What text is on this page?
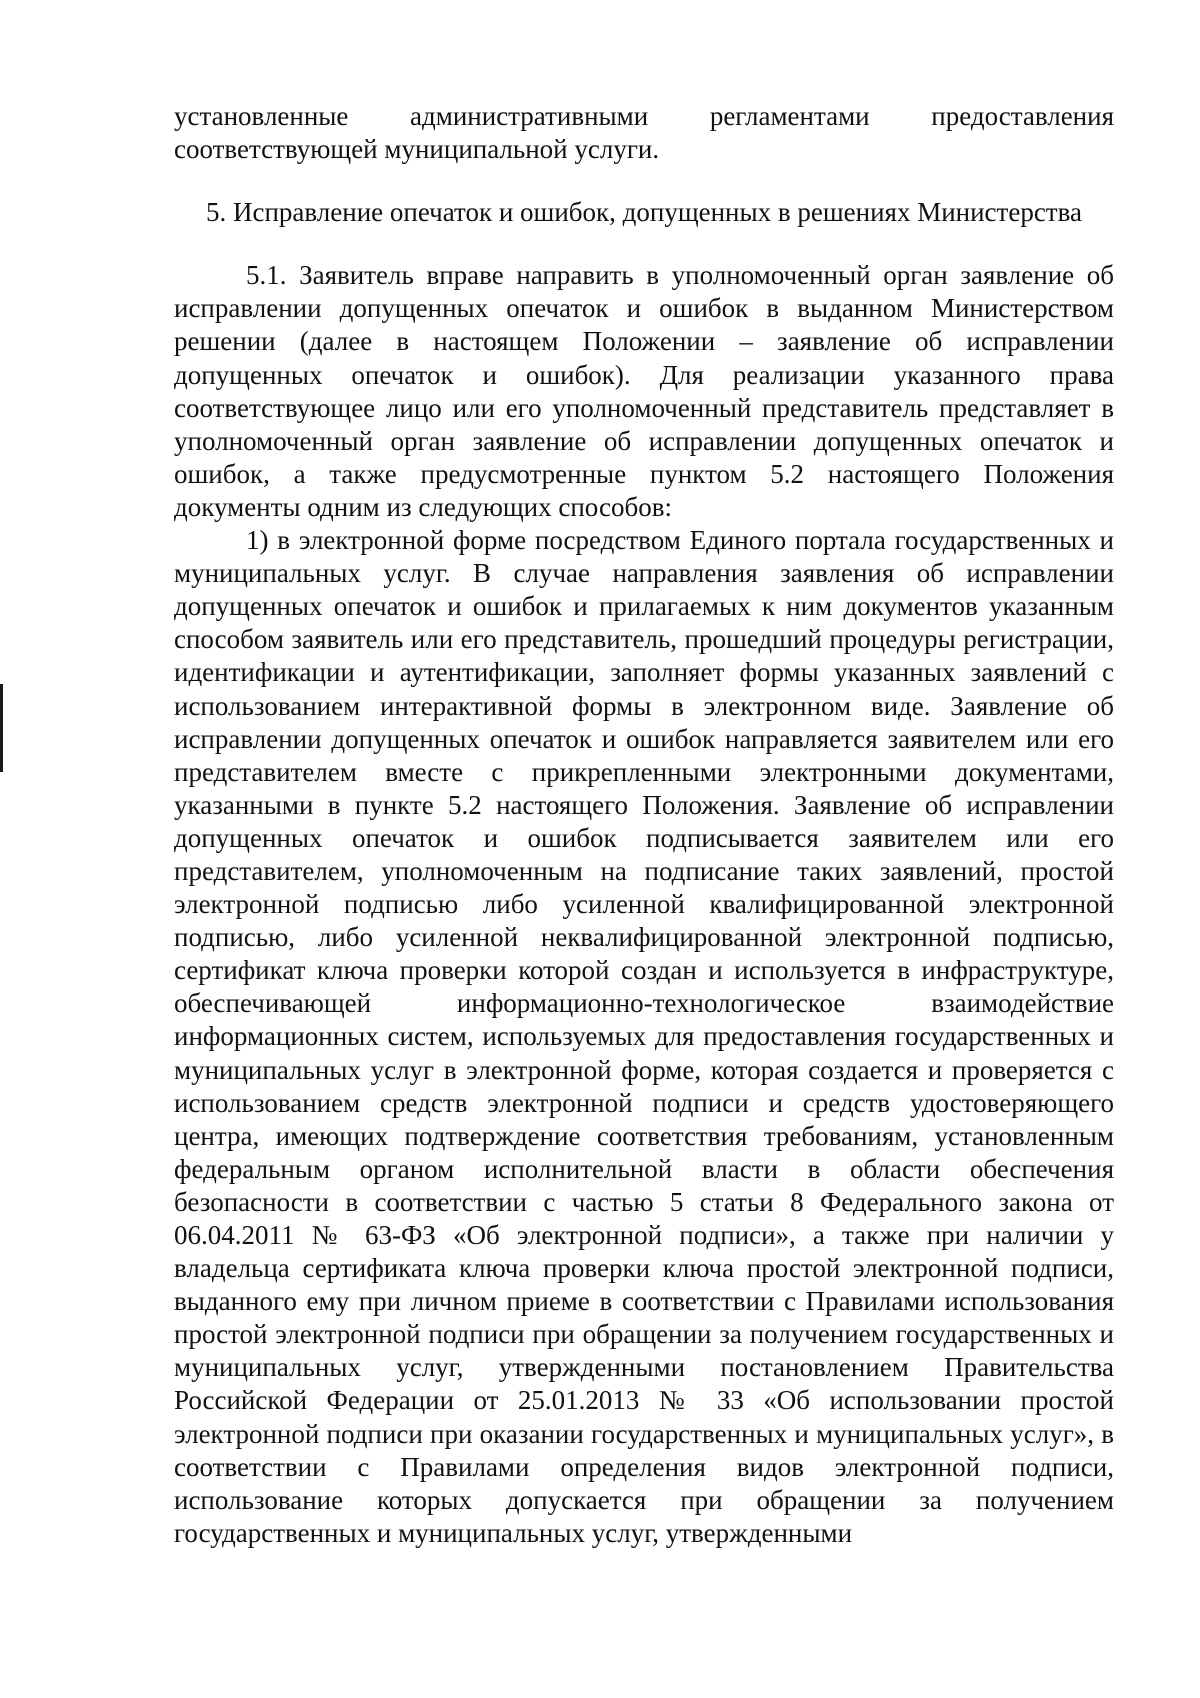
установленные административными регламентами предоставления соответствующей муниципальной услуги.

5. Исправление опечаток и ошибок, допущенных в решениях Министерства

5.1. Заявитель вправе направить в уполномоченный орган заявление об исправлении допущенных опечаток и ошибок в выданном Министерством решении (далее в настоящем Положении – заявление об исправлении допущенных опечаток и ошибок). Для реализации указанного права соответствующее лицо или его уполномоченный представитель представляет в уполномоченный орган заявление об исправлении допущенных опечаток и ошибок, а также предусмотренные пунктом 5.2 настоящего Положения документы одним из следующих способов:

1) в электронной форме посредством Единого портала государственных и муниципальных услуг. В случае направления заявления об исправлении допущенных опечаток и ошибок и прилагаемых к ним документов указанным способом заявитель или его представитель, прошедший процедуры регистрации, идентификации и аутентификации, заполняет формы указанных заявлений с использованием интерактивной формы в электронном виде. Заявление об исправлении допущенных опечаток и ошибок направляется заявителем или его представителем вместе с прикрепленными электронными документами, указанными в пункте 5.2 настоящего Положения. Заявление об исправлении допущенных опечаток и ошибок подписывается заявителем или его представителем, уполномоченным на подписание таких заявлений, простой электронной подписью либо усиленной квалифицированной электронной подписью, либо усиленной неквалифицированной электронной подписью, сертификат ключа проверки которой создан и используется в инфраструктуре, обеспечивающей информационно-технологическое взаимодействие информационных систем, используемых для предоставления государственных и муниципальных услуг в электронной форме, которая создается и проверяется с использованием средств электронной подписи и средств удостоверяющего центра, имеющих подтверждение соответствия требованиям, установленным федеральным органом исполнительной власти в области обеспечения безопасности в соответствии с частью 5 статьи 8 Федерального закона от 06.04.2011 № 63-ФЗ «Об электронной подписи», а также при наличии у владельца сертификата ключа проверки ключа простой электронной подписи, выданного ему при личном приеме в соответствии с Правилами использования простой электронной подписи при обращении за получением государственных и муниципальных услуг, утвержденными постановлением Правительства Российской Федерации от 25.01.2013 № 33 «Об использовании простой электронной подписи при оказании государственных и муниципальных услуг», в соответствии с Правилами определения видов электронной подписи, использование которых допускается при обращении за получением государственных и муниципальных услуг, утвержденными
